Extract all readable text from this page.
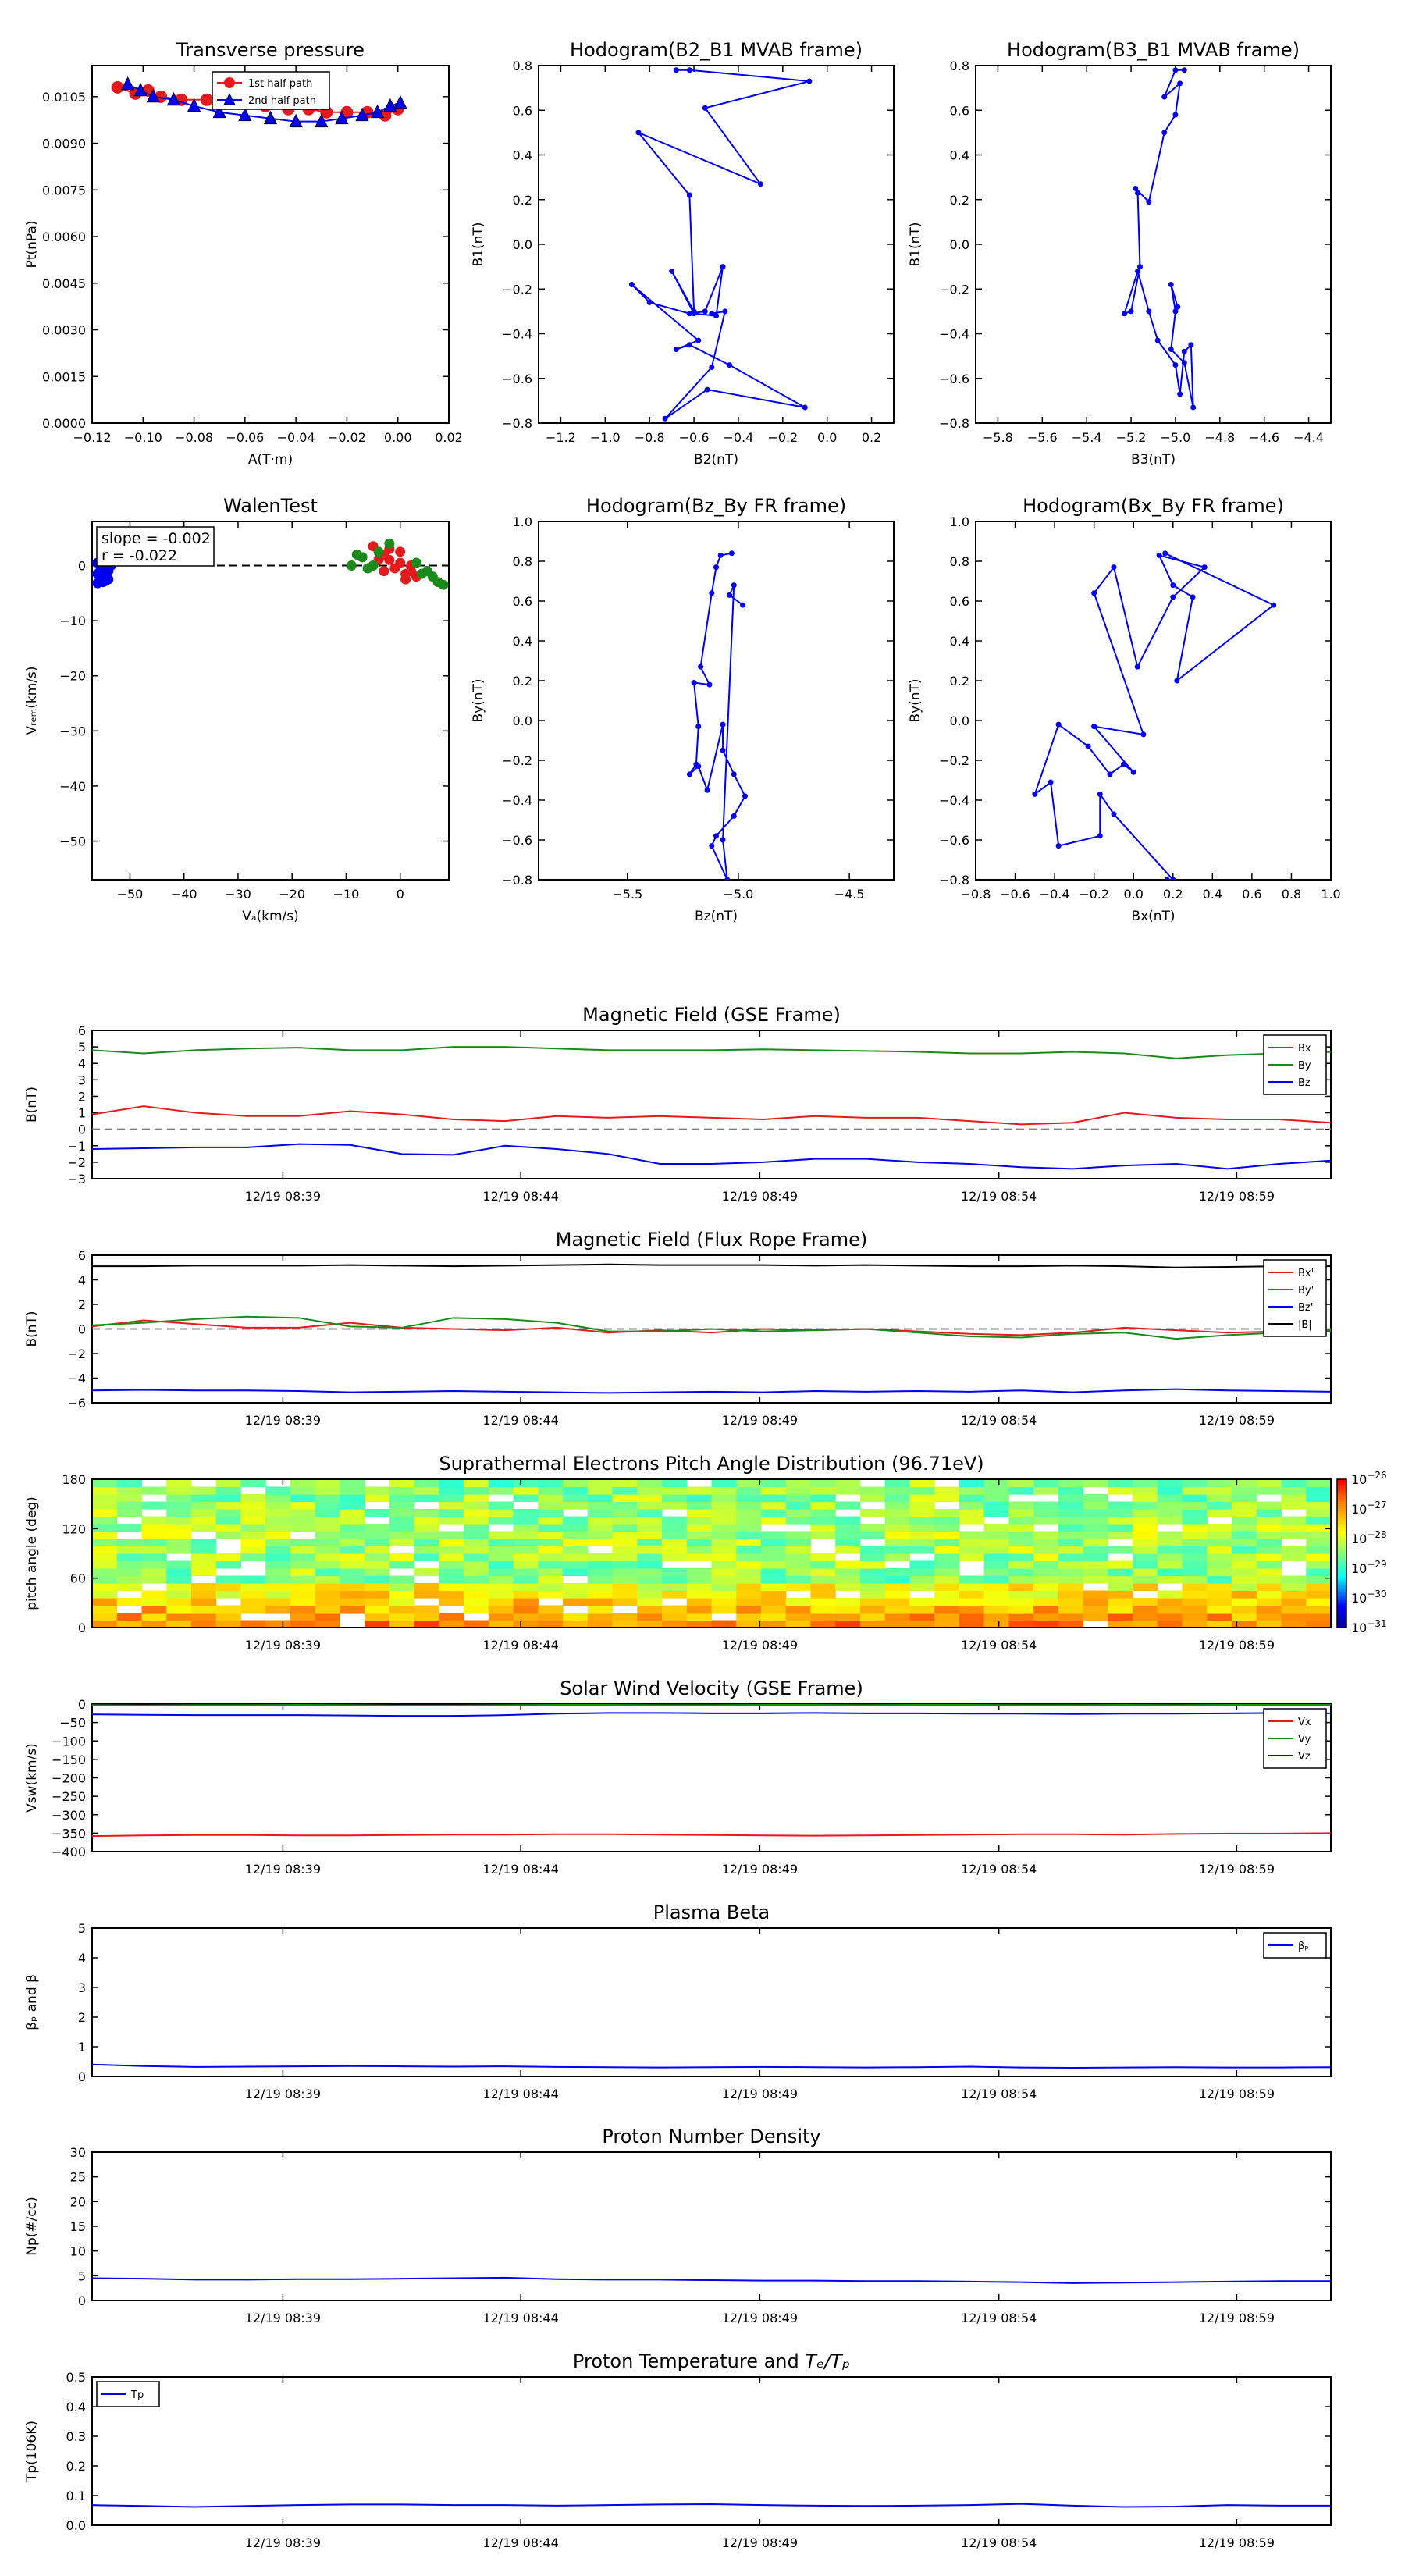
Transverse pressure
−0.12 −0.10 −0.08 −0.06 −0.04 −0.02 0.00 0.02
0.0000
0.0015
0.0030
0.0045
0.0060
0.0075
0.0090
0.0105
A(T·m)
Pt(nPa)
1st half path
2nd half path
Hodogram(B2_B1 MVAB frame)
−1.2 −1.0 −0.8 −0.6 −0.4 −0.2 0.0 0.2
−0.8
−0.6
−0.4
−0.2
0.0
0.2
0.4
0.6
0.8
B2(nT)
B1(nT)
Hodogram(B3_B1 MVAB frame)
−5.8 −5.6 −5.4 −5.2 −5.0 −4.8 −4.6 −4.4
−0.8
−0.6
−0.4
−0.2
0.0
0.2
0.4
0.6
0.8
B3(nT)
B1(nT)
WalenTest
−50 −40 −30 −20 −10	0
−50
−40
−30
−20
−10
0
Vₐ(km/s)
Vᵣₑₘ(km/s)
slope = -0.002
r = -0.022
Hodogram(Bz_By FR frame)
−5.5	−5.0	−4.5
−0.8
−0.6
−0.4
−0.2
0.0
0.2
0.4
0.6
0.8
1.0
Bz(nT)
By(nT)
Hodogram(Bx_By FR frame)
−0.8 −0.6 −0.4 −0.2 0.0 0.2 0.4 0.6 0.8 1.0
−0.8
−0.6
−0.4
−0.2
0.0
0.2
0.4
0.6
0.8
1.0
Bx(nT)
By(nT)
Magnetic Field (GSE Frame)
−3
−2
−1
0
1
2
3
4
5
6
12/19 08:39	12/19 08:44	12/19 08:49	12/19 08:54	12/19 08:59
B(nT)
Bx
By
Bz
Magnetic Field (Flux Rope Frame)
−6
−4
−2
0
2
4
6
12/19 08:39	12/19 08:44	12/19 08:49	12/19 08:54	12/19 08:59
B(nT)
Bx'
By'
Bz'
|B|
Solar Wind Velocity (GSE Frame)
−400
−350
−300
−250
−200
−150
−100
−50
0
12/19 08:39	12/19 08:44	12/19 08:49	12/19 08:54	12/19 08:59
Vsw(km/s)
Vx
Vy
Vz
Plasma Beta
0
1
2
3
4
5
12/19 08:39	12/19 08:44	12/19 08:49	12/19 08:54	12/19 08:59
βₚ and β
βₚ
Proton Number Density
0
5
10
15
20
25
30
12/19 08:39	12/19 08:44	12/19 08:49	12/19 08:54	12/19 08:59
Np(#/cc)
Proton Temperature and Tₑ/Tₚ
0.0
0.1
0.2
0.3
0.4
0.5
12/19 08:39	12/19 08:44	12/19 08:49	12/19 08:54	12/19 08:59
Tp(106K)
Tp
Suprathermal Electrons Pitch Angle Distribution (96.71eV)
0
60
120
180
12/19 08:39	12/19 08:44	12/19 08:49	12/19 08:54	12/19 08:59
pitch angle (deg)
$10^{-26}$
$10^{-27}$
$10^{-28}$
$10^{-29}$
$10^{-30}$
$10^{-31}$
